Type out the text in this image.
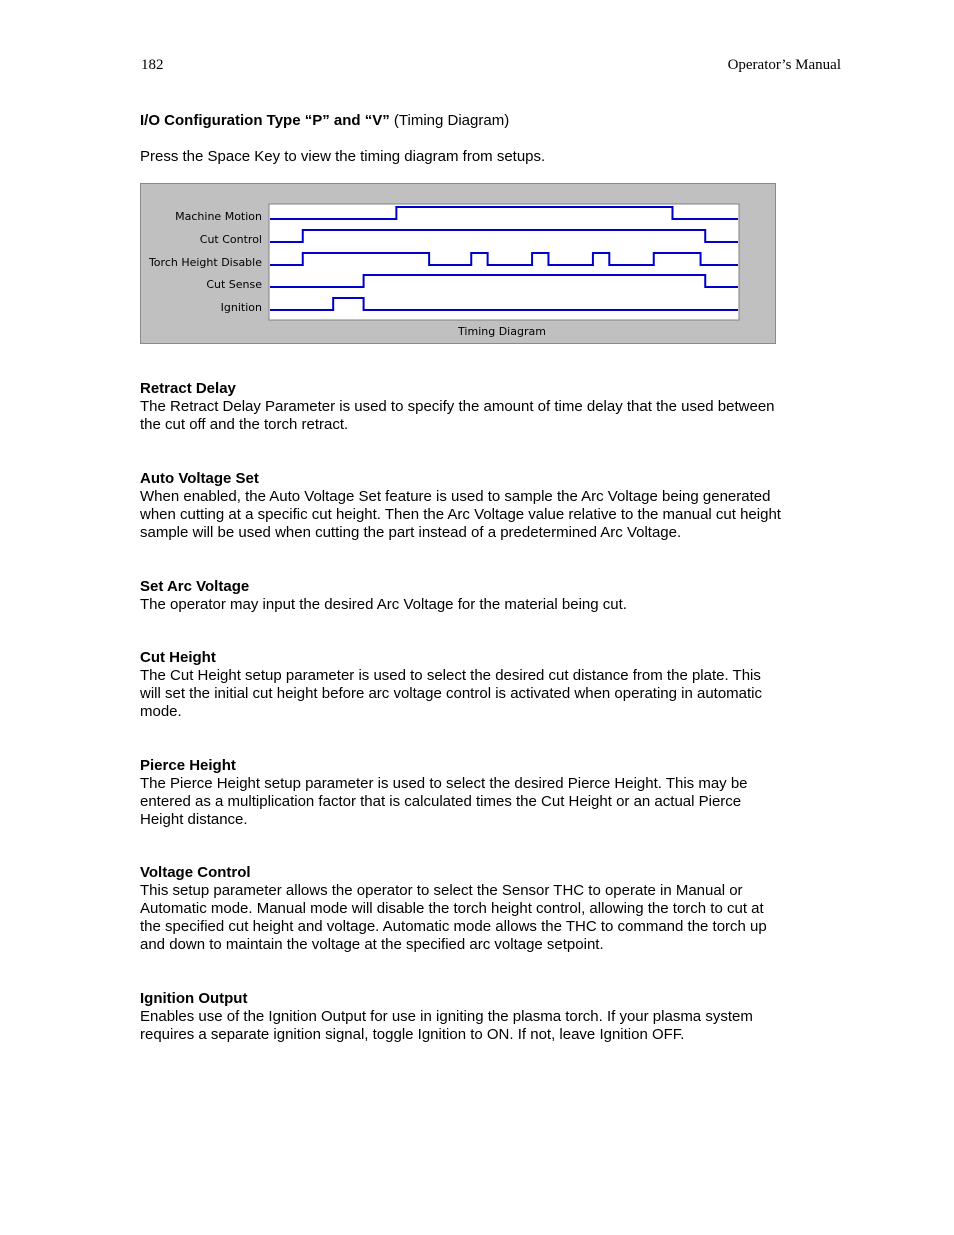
182	Operator’s Manual
I/O Configuration Type “P” and “V” (Timing Diagram)
Press the Space Key to view the timing diagram from setups.
Machine Motion
Cut Control
Torch Height Disable
Cut Sense
Ignition
Timing Diagram
Retract Delay
The Retract Delay Parameter is used to specify the amount of time delay that the used between
the cut off and the torch retract.
Auto Voltage Set
When enabled, the Auto Voltage Set feature is used to sample the Arc Voltage being generated
when cutting at a specific cut height. Then the Arc Voltage value relative to the manual cut height
sample will be used when cutting the part instead of a predetermined Arc Voltage.
Set Arc Voltage
The operator may input the desired Arc Voltage for the material being cut.
Cut Height
The Cut Height setup parameter is used to select the desired cut distance from the plate. This
will set the initial cut height before arc voltage control is activated when operating in automatic
mode.
Pierce Height
The Pierce Height setup parameter is used to select the desired Pierce Height. This may be
entered as a multiplication factor that is calculated times the Cut Height or an actual Pierce
Height distance.
Voltage Control
This setup parameter allows the operator to select the Sensor THC to operate in Manual or
Automatic mode. Manual mode will disable the torch height control, allowing the torch to cut at
the specified cut height and voltage. Automatic mode allows the THC to command the torch up
and down to maintain the voltage at the specified arc voltage setpoint.
Ignition Output
Enables use of the Ignition Output for use in igniting the plasma torch. If your plasma system
requires a separate ignition signal, toggle Ignition to ON. If not, leave Ignition OFF.
